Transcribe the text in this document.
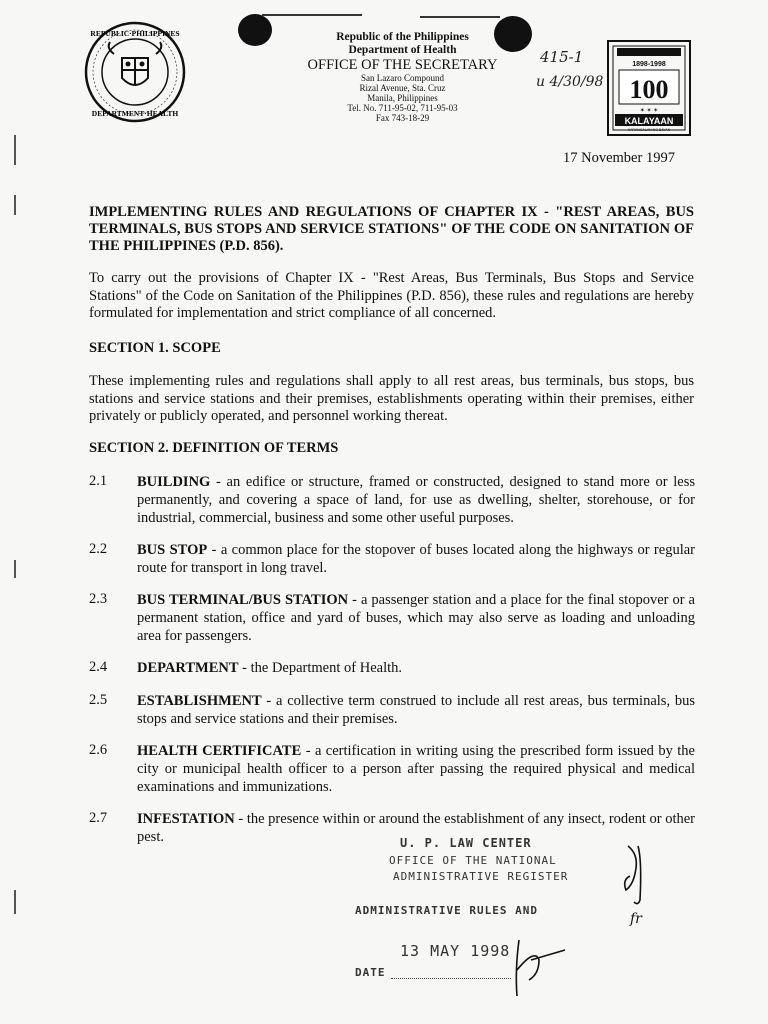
REPUBLIC·PHILIPPINES
DEPARTMENT·HEALTH
Republic of the Philippines
Department of Health
OFFICE OF THE SECRETARY
San Lazaro Compound
Rizal Avenue, Sta. Cruz
Manila, Philippines
Tel. No. 711-95-02, 711-95-03
Fax 743-18-29
415-1
u 4/30/98
1898-1998
100
✶ ✶ ✶
KALAYAAN
KARANGALAN NG BAYAN
17 November 1997
IMPLEMENTING RULES AND REGULATIONS OF CHAPTER IX - "REST AREAS, BUS TERMINALS, BUS STOPS AND SERVICE STATIONS" OF THE CODE ON SANITATION OF THE PHILIPPINES (P.D. 856).
To carry out the provisions of Chapter IX - "Rest Areas, Bus Terminals, Bus Stops and Service Stations" of the Code on Sanitation of the Philippines (P.D. 856), these rules and regulations are hereby formulated for implementation and strict compliance of all concerned.
SECTION 1. SCOPE
These implementing rules and regulations shall apply to all rest areas, bus terminals, bus stops, bus stations and service stations and their premises, establishments operating within their premises, either privately or publicly operated, and personnel working thereat.
SECTION 2. DEFINITION OF TERMS
2.1 BUILDING - an edifice or structure, framed or constructed, designed to stand more or less permanently, and covering a space of land, for use as dwelling, shelter, storehouse, or for industrial, commercial, business and some other useful purposes.
2.2 BUS STOP - a common place for the stopover of buses located along the highways or regular route for transport in long travel.
2.3 BUS TERMINAL/BUS STATION - a passenger station and a place for the final stopover or a permanent station, office and yard of buses, which may also serve as loading and unloading area for passengers.
2.4 DEPARTMENT - the Department of Health.
2.5 ESTABLISHMENT - a collective term construed to include all rest areas, bus terminals, bus stops and service stations and their premises.
2.6 HEALTH CERTIFICATE - a certification in writing using the prescribed form issued by the city or municipal health officer to a person after passing the required physical and medical examinations and immunizations.
2.7 INFESTATION - the presence within or around the establishment of any insect, rodent or other pest.	U. P. LAW CENTER
OFFICE OF THE NATIONAL
ADMINISTRATIVE REGISTER
ADMINISTRATIVE RULES AND
13 MAY 1998
DATE
fr
